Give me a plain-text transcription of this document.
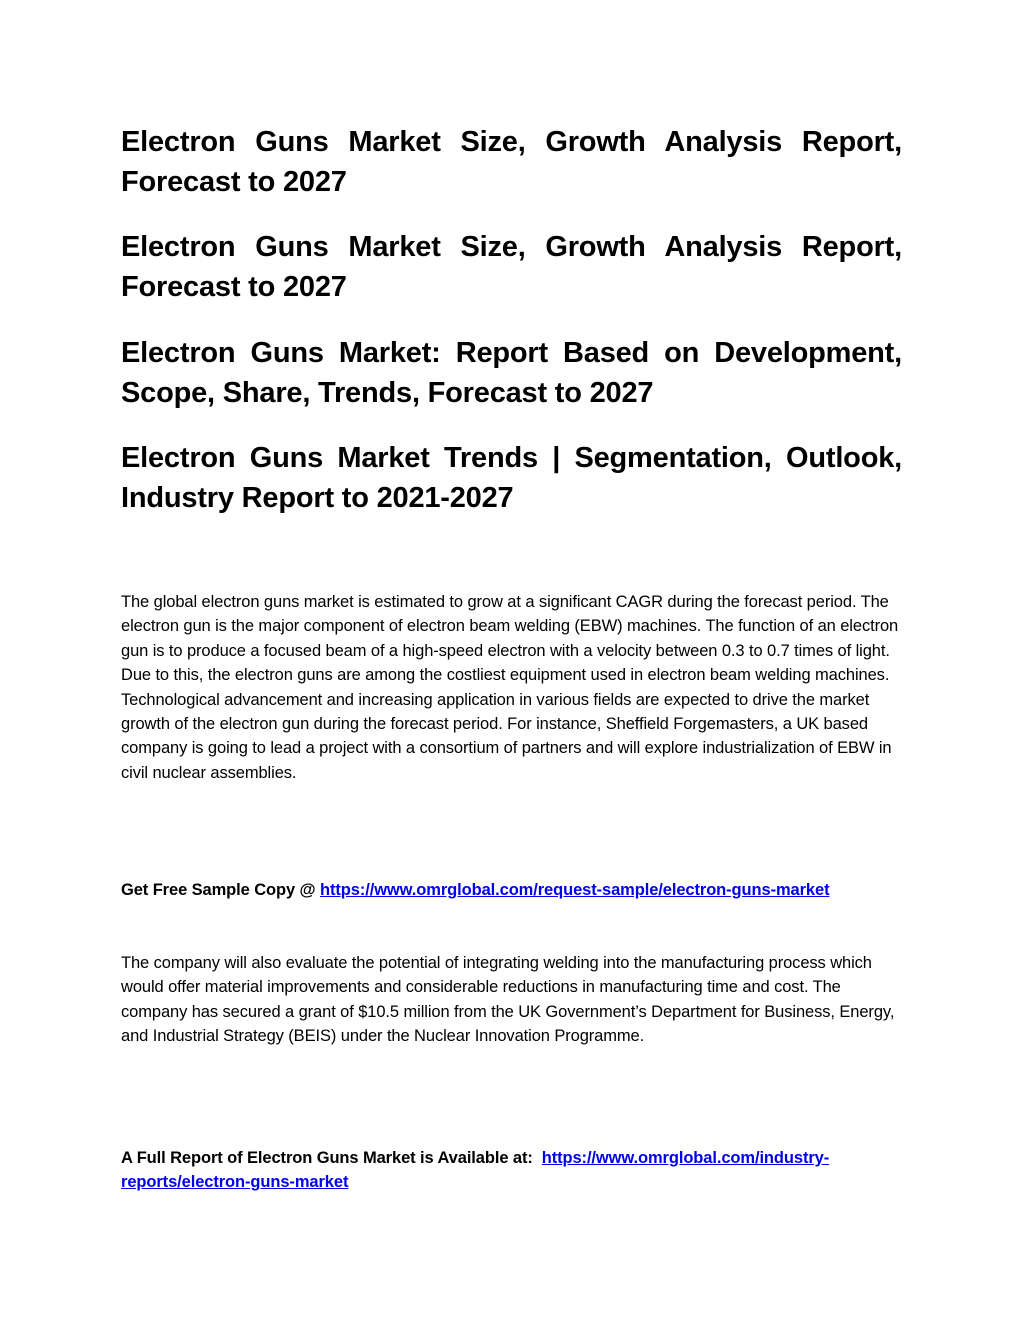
Electron Guns Market Size, Growth Analysis Report, Forecast to 2027
Electron Guns Market Size, Growth Analysis Report, Forecast to 2027
Electron Guns Market: Report Based on Development, Scope, Share, Trends, Forecast to 2027
Electron Guns Market Trends | Segmentation, Outlook, Industry Report to 2021-2027

The global electron guns market is estimated to grow at a significant CAGR during the forecast period. The electron gun is the major component of electron beam welding (EBW) machines. The function of an electron gun is to produce a focused beam of a high-speed electron with a velocity between 0.3 to 0.7 times of light. Due to this, the electron guns are among the costliest equipment used in electron beam welding machines. Technological advancement and increasing application in various fields are expected to drive the market growth of the electron gun during the forecast period. For instance, Sheffield Forgemasters, a UK based company is going to lead a project with a consortium of partners and will explore industrialization of EBW in civil nuclear assemblies.

Get Free Sample Copy @ https://www.omrglobal.com/request-sample/electron-guns-market

The company will also evaluate the potential of integrating welding into the manufacturing process which would offer material improvements and considerable reductions in manufacturing time and cost. The company has secured a grant of $10.5 million from the UK Government’s Department for Business, Energy, and Industrial Strategy (BEIS) under the Nuclear Innovation Programme.

A Full Report of Electron Guns Market is Available at:  https://www.omrglobal.com/industry-reports/electron-guns-market
